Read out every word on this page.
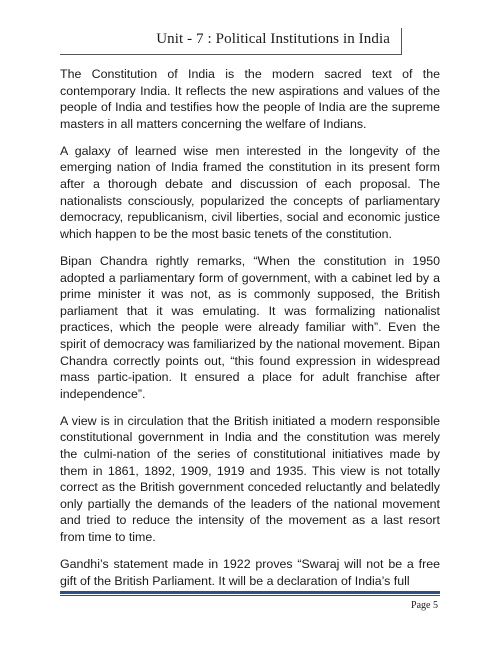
Unit - 7 : Political Institutions in India

The Constitution of India is the modern sacred text of the contemporary India. It reflects the new aspirations and values of the people of India and testifies how the people of India are the supreme masters in all matters concerning the welfare of Indians.

A galaxy of learned wise men interested in the longevity of the emerging nation of India framed the constitution in its present form after a thorough debate and discussion of each proposal. The nationalists consciously, popularized the concepts of parliamentary democracy, republicanism, civil liberties, social and economic justice which happen to be the most basic tenets of the constitution.

Bipan Chandra rightly remarks, “When the constitution in 1950 adopted a parliamentary form of government, with a cabinet led by a prime minister it was not, as is commonly supposed, the British parliament that it was emulating. It was formalizing nationalist practices, which the people were already familiar with”. Even the spirit of democracy was familiarized by the national movement. Bipan Chandra correctly points out, “this found expression in widespread mass partic-ipation. It ensured a place for adult franchise after independence”.

A view is in circulation that the British initiated a modern responsible constitutional government in India and the constitution was merely the culmi-nation of the series of constitutional initiatives made by them in 1861, 1892, 1909, 1919 and 1935. This view is not totally correct as the British government conceded reluctantly and belatedly only partially the demands of the leaders of the national movement and tried to reduce the intensity of the movement as a last resort from time to time.

Gandhi’s statement made in 1922 proves “Swaraj will not be a free gift of the British Parliament. It will be a declaration of India’s full

Page 5
